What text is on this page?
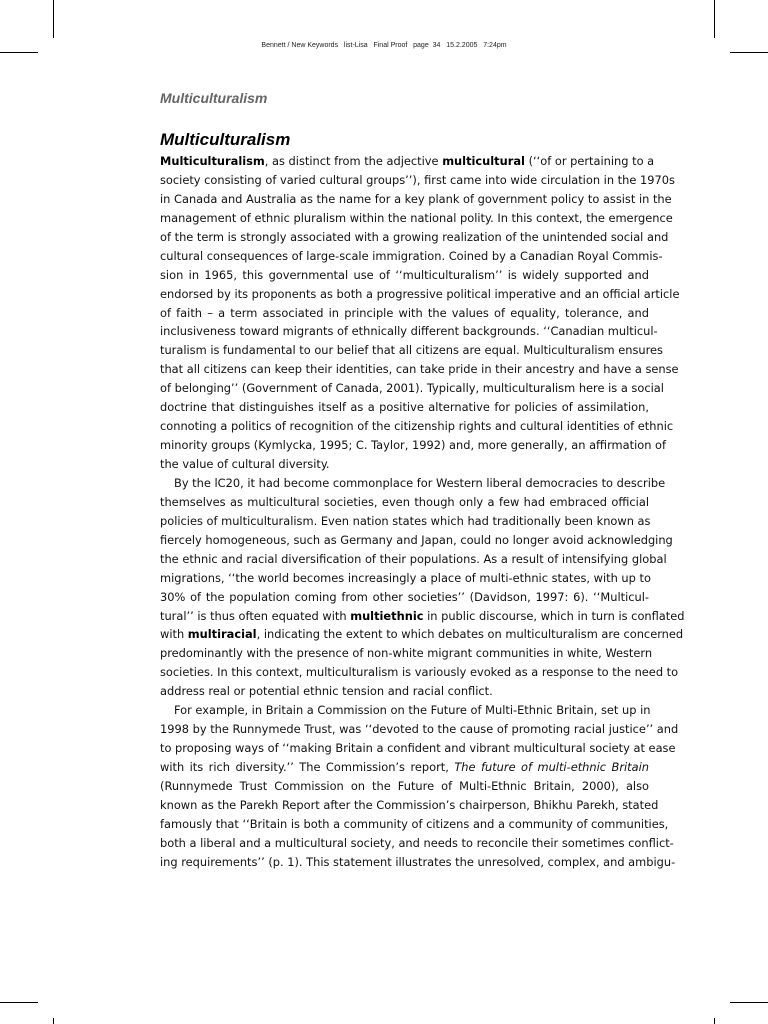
Bennett / New Keywords   list-Lisa   Final Proof   page  34   15.2.2005   7:24pm
Multiculturalism
Multiculturalism
Multiculturalism, as distinct from the adjective multicultural (‘‘of or pertaining to a
society consisting of varied cultural groups’’), first came into wide circulation in the 1970s
in Canada and Australia as the name for a key plank of government policy to assist in the
management of ethnic pluralism within the national polity. In this context, the emergence
of the term is strongly associated with a growing realization of the unintended social and
cultural consequences of large-scale immigration. Coined by a Canadian Royal Commis-
sion in 1965, this governmental use of ‘‘multiculturalism’’ is widely supported and
endorsed by its proponents as both a progressive political imperative and an official article
of faith – a term associated in principle with the values of equality, tolerance, and
inclusiveness toward migrants of ethnically different backgrounds. ‘‘Canadian multicul-
turalism is fundamental to our belief that all citizens are equal. Multiculturalism ensures
that all citizens can keep their identities, can take pride in their ancestry and have a sense
of belonging’’ (Government of Canada, 2001). Typically, multiculturalism here is a social
doctrine that distinguishes itself as a positive alternative for policies of assimilation,
connoting a politics of recognition of the citizenship rights and cultural identities of ethnic
minority groups (Kymlycka, 1995; C. Taylor, 1992) and, more generally, an affirmation of
the value of cultural diversity.
By the lC20, it had become commonplace for Western liberal democracies to describe
themselves as multicultural societies, even though only a few had embraced official
policies of multiculturalism. Even nation states which had traditionally been known as
fiercely homogeneous, such as Germany and Japan, could no longer avoid acknowledging
the ethnic and racial diversification of their populations. As a result of intensifying global
migrations, ‘‘the world becomes increasingly a place of multi-ethnic states, with up to
30% of the population coming from other societies’’ (Davidson, 1997: 6). ‘‘Multicul-
tural’’ is thus often equated with multiethnic in public discourse, which in turn is conflated
with multiracial, indicating the extent to which debates on multiculturalism are concerned
predominantly with the presence of non-white migrant communities in white, Western
societies. In this context, multiculturalism is variously evoked as a response to the need to
address real or potential ethnic tension and racial conflict.
For example, in Britain a Commission on the Future of Multi-Ethnic Britain, set up in
1998 by the Runnymede Trust, was ‘‘devoted to the cause of promoting racial justice’’ and
to proposing ways of ‘‘making Britain a confident and vibrant multicultural society at ease
with its rich diversity.’’ The Commission’s report, The future of multi-ethnic Britain
(Runnymede Trust Commission on the Future of Multi-Ethnic Britain, 2000), also
known as the Parekh Report after the Commission’s chairperson, Bhikhu Parekh, stated
famously that ‘‘Britain is both a community of citizens and a community of communities,
both a liberal and a multicultural society, and needs to reconcile their sometimes conflict-
ing requirements’’ (p. 1). This statement illustrates the unresolved, complex, and ambigu-
